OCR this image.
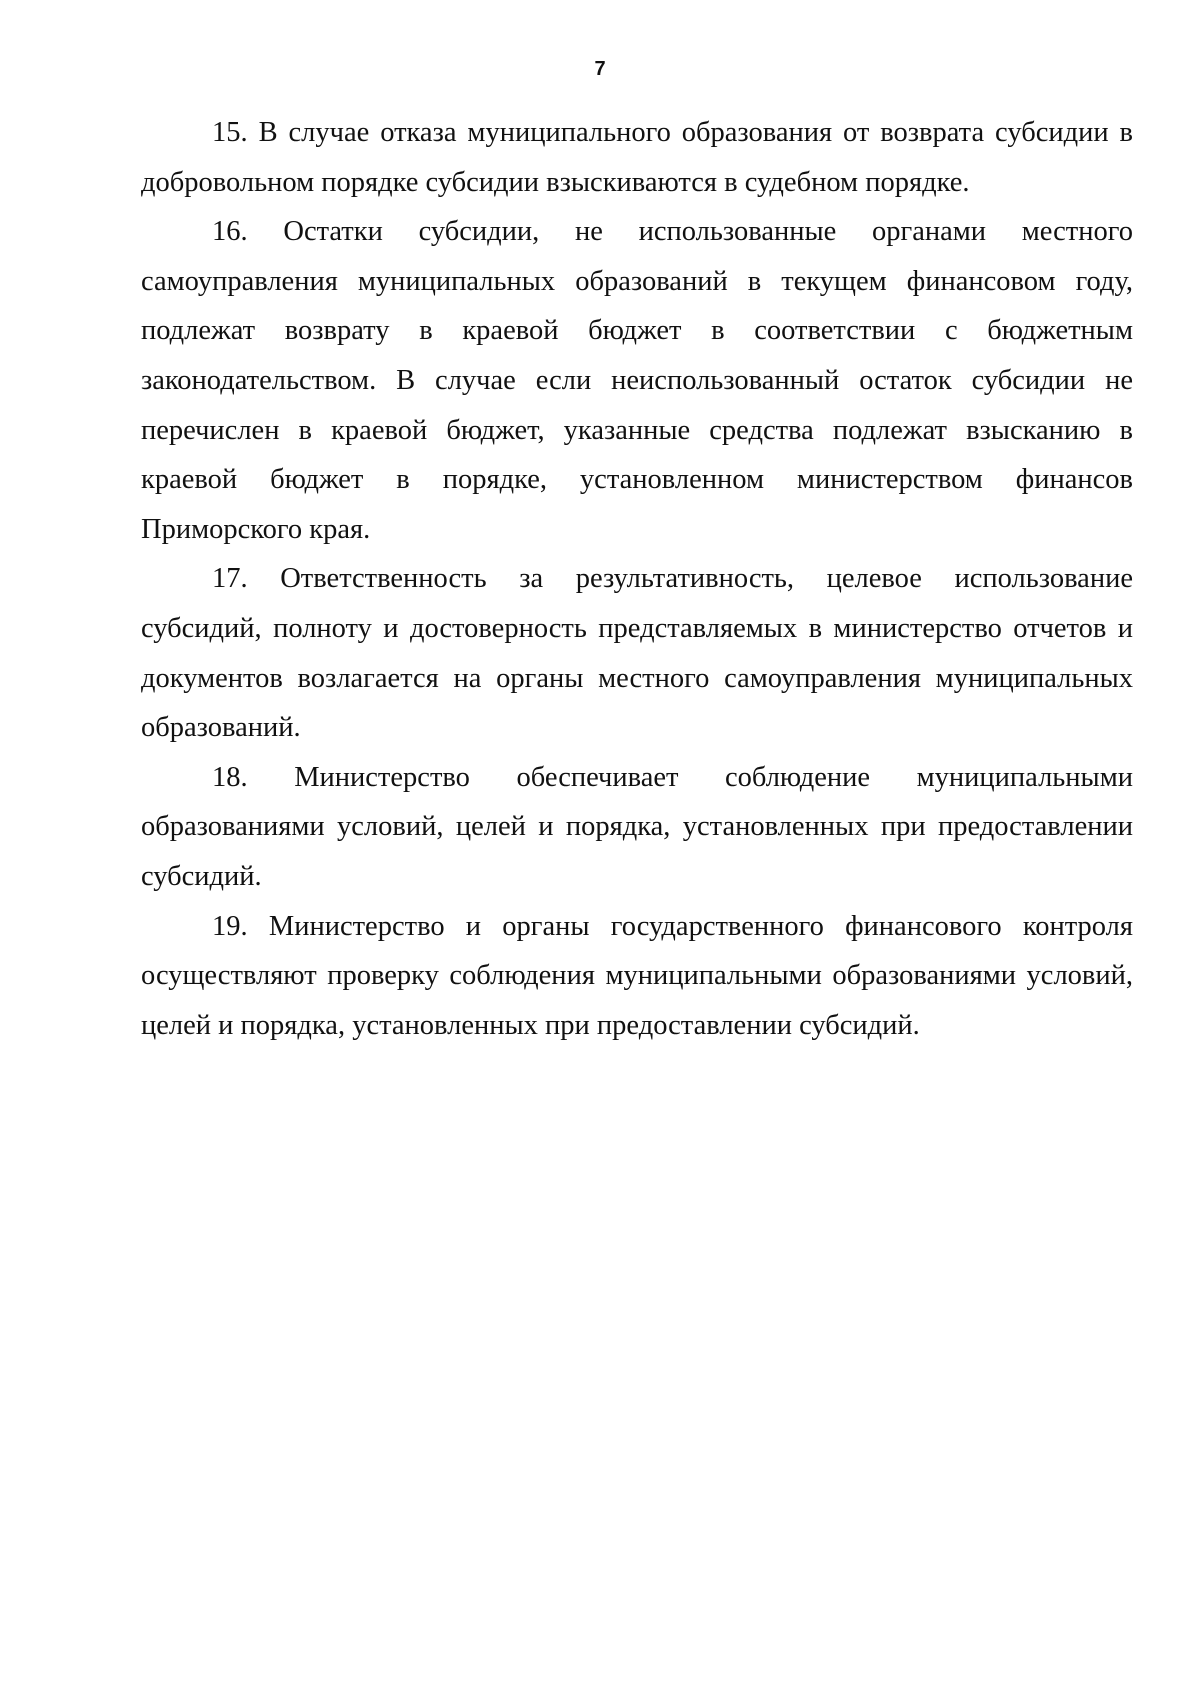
7

15. В случае отказа муниципального образования от возврата субсидии в добровольном порядке субсидии взыскиваются в судебном порядке.

16. Остатки субсидии, не использованные органами местного самоуправления муниципальных образований в текущем финансовом году, подлежат возврату в краевой бюджет в соответствии с бюджетным законодательством. В случае если неиспользованный остаток субсидии не перечислен в краевой бюджет, указанные средства подлежат взысканию в краевой бюджет в порядке, установленном министерством финансов Приморского края.

17. Ответственность за результативность, целевое использование субсидий, полноту и достоверность представляемых в министерство отчетов и документов возлагается на органы местного самоуправления муниципальных образований.

18. Министерство обеспечивает соблюдение муниципальными образованиями условий, целей и порядка, установленных при предоставлении субсидий.

19. Министерство и органы государственного финансового контроля осуществляют проверку соблюдения муниципальными образованиями условий, целей и порядка, установленных при предоставлении субсидий.
